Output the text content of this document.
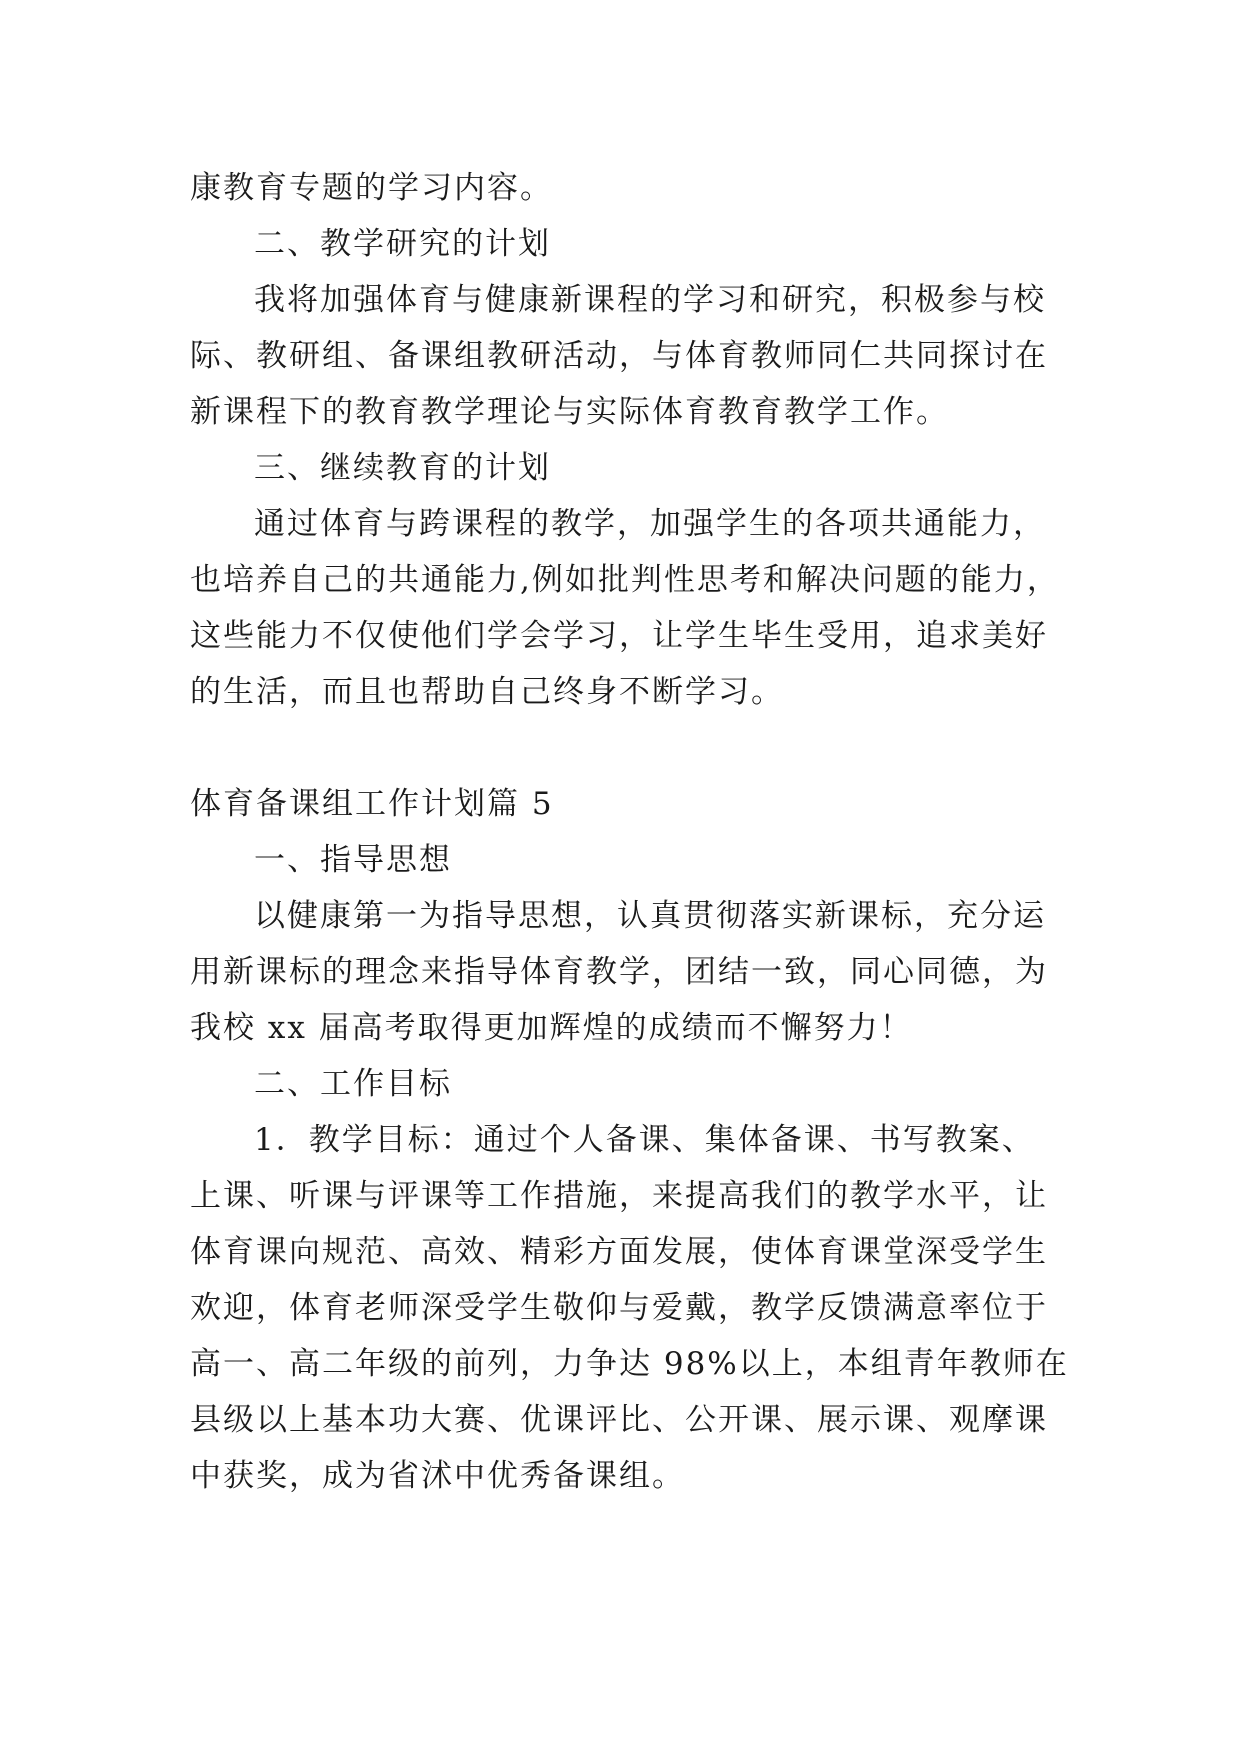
康教育专题的学习内容。

二、教学研究的计划

我将加强体育与健康新课程的学习和研究，积极参与校
际、教研组、备课组教研活动，与体育教师同仁共同探讨在
新课程下的教育教学理论与实际体育教育教学工作。

三、继续教育的计划

通过体育与跨课程的教学，加强学生的各项共通能力，
也培养自己的共通能力,例如批判性思考和解决问题的能力，
这些能力不仅使他们学会学习，让学生毕生受用，追求美好
的生活，而且也帮助自己终身不断学习。

体育备课组工作计划篇 5

一、指导思想

以健康第一为指导思想，认真贯彻落实新课标，充分运
用新课标的理念来指导体育教学，团结一致，同心同德，为
我校 xx 届高考取得更加辉煌的成绩而不懈努力！

二、工作目标

1．教学目标：通过个人备课、集体备课、书写教案、
上课、听课与评课等工作措施，来提高我们的教学水平，让
体育课向规范、高效、精彩方面发展，使体育课堂深受学生
欢迎，体育老师深受学生敬仰与爱戴，教学反馈满意率位于
高一、高二年级的前列，力争达 98%以上，本组青年教师在
县级以上基本功大赛、优课评比、公开课、展示课、观摩课
中获奖，成为省沭中优秀备课组。
